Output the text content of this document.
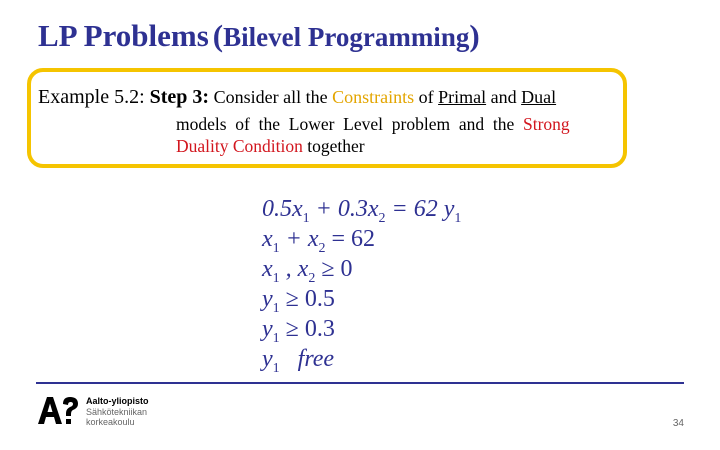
LP Problems (Bilevel Programming)
Example 5.2: Step 3: Consider all the Constraints of Primal and Dual
models  of  the  Lower  Level  problem  and  the  Strong
Duality Condition together
$0.5x_1 + 0.3x_2 = 62$ $y_1$
$x_1 + x_2 = 62$
$x_1$ , $x_2 \ge 0$
$y_1 \ge 0.5$
$y_1 \ge 0.3$
$y_1$   free
Aalto-yliopisto
Sähkötekniikan
korkeakoulu	34
